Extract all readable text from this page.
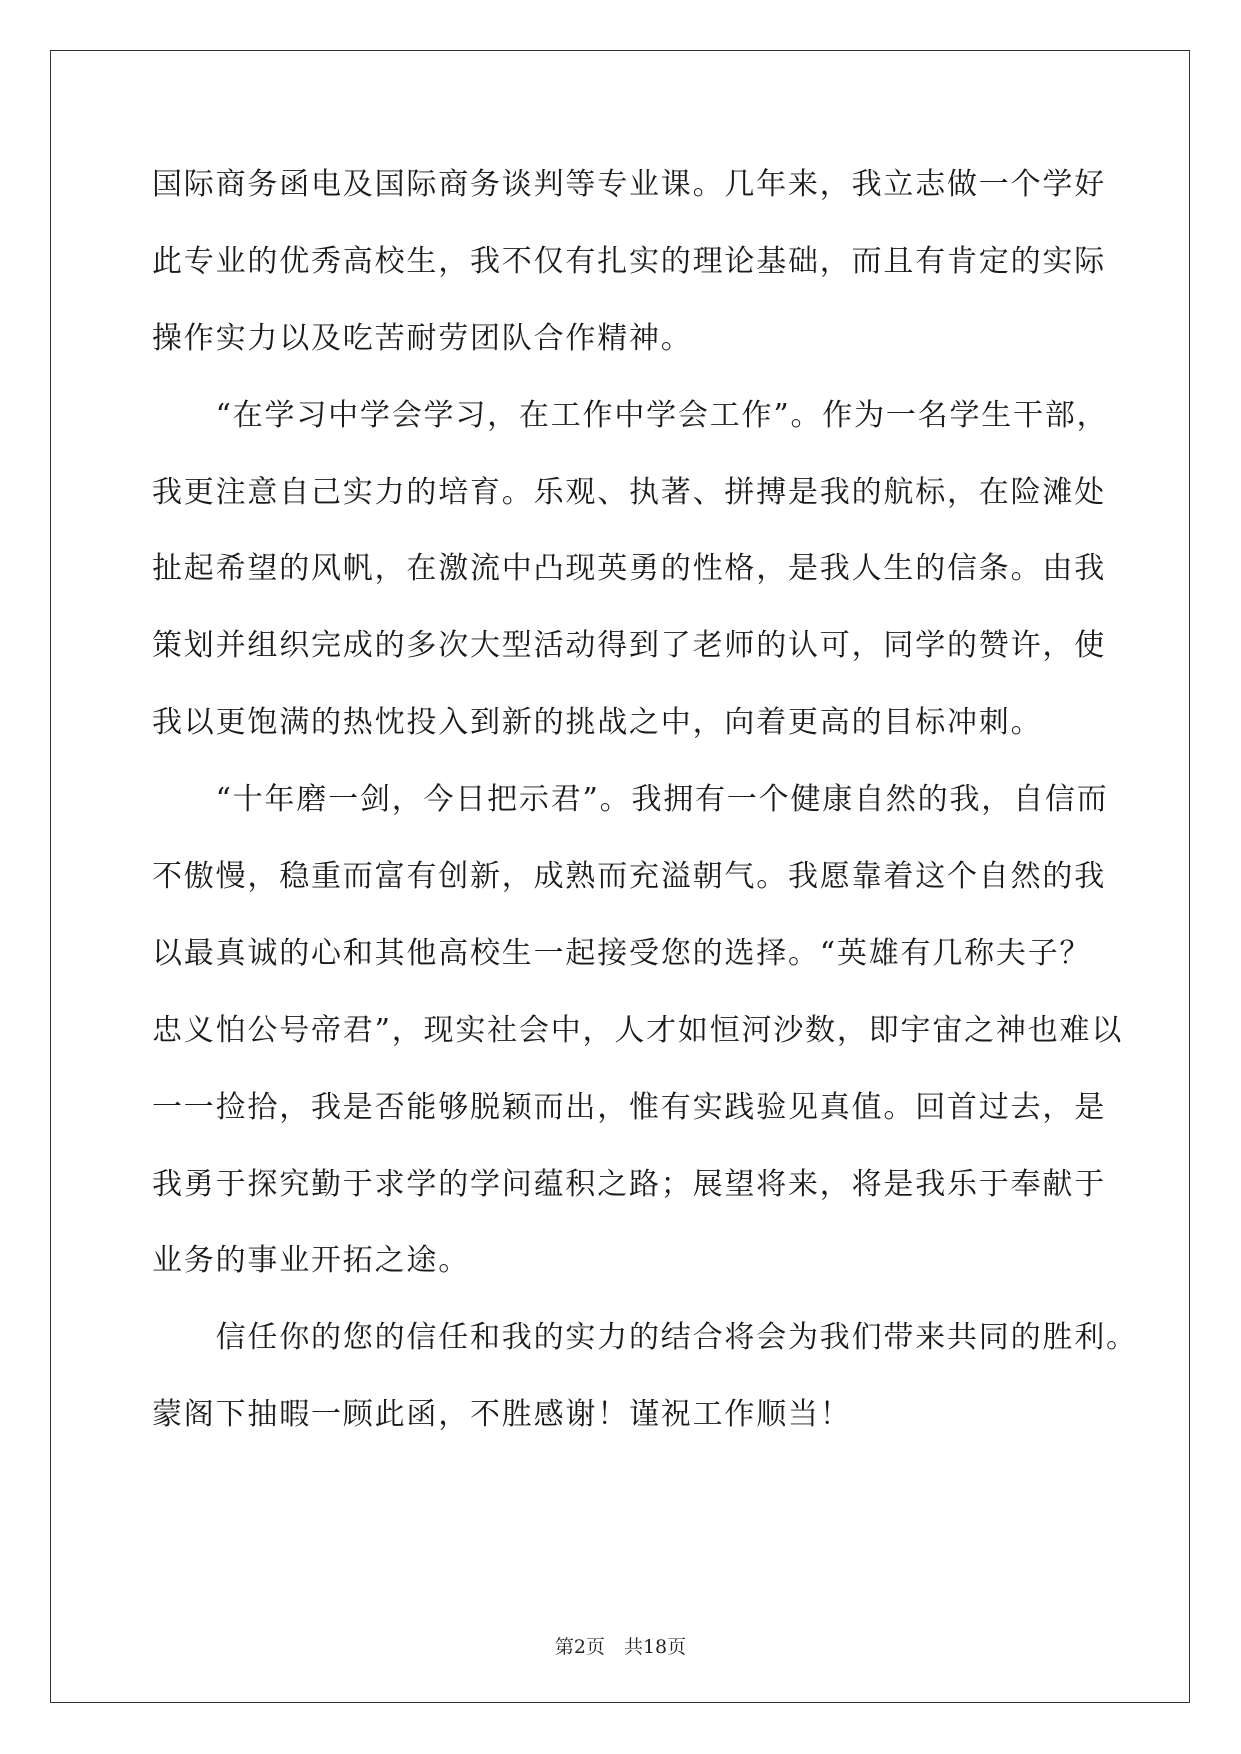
国际商务函电及国际商务谈判等专业课。几年来，我立志做一个学好
此专业的优秀高校生，我不仅有扎实的理论基础，而且有肯定的实际
操作实力以及吃苦耐劳团队合作精神。
　　“在学习中学会学习，在工作中学会工作”。作为一名学生干部，
我更注意自己实力的培育。乐观、执著、拼搏是我的航标，在险滩处
扯起希望的风帆，在激流中凸现英勇的性格，是我人生的信条。由我
策划并组织完成的多次大型活动得到了老师的认可，同学的赞许，使
我以更饱满的热忱投入到新的挑战之中，向着更高的目标冲刺。
　　“十年磨一剑，今日把示君”。我拥有一个健康自然的我，自信而
不傲慢，稳重而富有创新，成熟而充溢朝气。我愿靠着这个自然的我
以最真诚的心和其他高校生一起接受您的选择。“英雄有几称夫子？
忠义怕公号帝君”，现实社会中，人才如恒河沙数，即宇宙之神也难以
一一捡拾，我是否能够脱颖而出，惟有实践验见真值。回首过去，是
我勇于探究勤于求学的学问蕴积之路；展望将来，将是我乐于奉献于
业务的事业开拓之途。
　　信任你的您的信任和我的实力的结合将会为我们带来共同的胜利。
蒙阁下抽暇一顾此函，不胜感谢！谨祝工作顺当！
第2页　共18页
